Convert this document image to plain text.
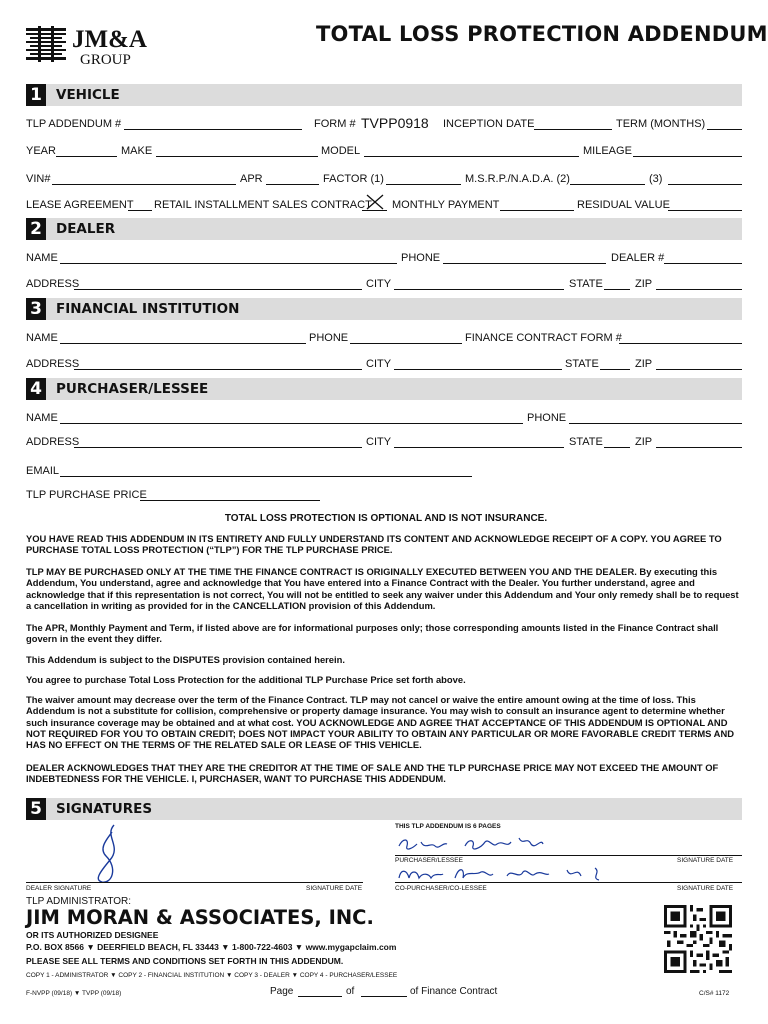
JM&A
GROUP
TOTAL LOSS PROTECTION ADDENDUM
1	VEHICLE
TLP ADDENDUM #	FORM # TVPP0918 INCEPTION DATE	TERM (MONTHS)
YEAR	MAKE	MODEL	MILEAGE
VIN#	APR	FACTOR (1)	M.S.R.P./N.A.D.A. (2)	(3)
LEASE AGREEMENT RETAIL INSTALLMENT SALES CONTRACT MONTHLY PAYMENT	RESIDUAL VALUE
2	DEALER
NAME	PHONE	DEALER #
ADDRESS	CITY	STATE	ZIP
3	FINANCIAL INSTITUTION
NAME	PHONE	FINANCE CONTRACT FORM #
ADDRESS	CITY	STATE	ZIP
4	PURCHASER/LESSEE
NAME	PHONE
ADDRESS	CITY	STATE	ZIP
EMAIL
TLP PURCHASE PRICE
TOTAL LOSS PROTECTION IS OPTIONAL AND IS NOT INSURANCE.
YOU HAVE READ THIS ADDENDUM IN ITS ENTIRETY AND FULLY UNDERSTAND ITS CONTENT AND ACKNOWLEDGE RECEIPT OF A COPY. YOU AGREE TO PURCHASE TOTAL LOSS PROTECTION (“TLP”) FOR THE TLP PURCHASE PRICE.
TLP MAY BE PURCHASED ONLY AT THE TIME THE FINANCE CONTRACT IS ORIGINALLY EXECUTED BETWEEN YOU AND THE DEALER. By executing this Addendum, You understand, agree and acknowledge that You have entered into a Finance Contract with the Dealer. You further understand, agree and acknowledge that if this representation is not correct, You will not be entitled to seek any waiver under this Addendum and Your only remedy shall be to request a cancellation in writing as provided for in the CANCELLATION provision of this Addendum.
The APR, Monthly Payment and Term, if listed above are for informational purposes only; those corresponding amounts listed in the Finance Contract shall govern in the event they differ.
This Addendum is subject to the DISPUTES provision contained herein.
You agree to purchase Total Loss Protection for the additional TLP Purchase Price set forth above.
The waiver amount may decrease over the term of the Finance Contract. TLP may not cancel or waive the entire amount owing at the time of loss. This Addendum is not a substitute for collision, comprehensive or property damage insurance. You may wish to consult an insurance agent to determine whether such insurance coverage may be obtained and at what cost. YOU ACKNOWLEDGE AND AGREE THAT ACCEPTANCE OF THIS ADDENDUM IS OPTIONAL AND NOT REQUIRED FOR YOU TO OBTAIN CREDIT; DOES NOT IMPACT YOUR ABILITY TO OBTAIN ANY PARTICULAR OR MORE FAVORABLE CREDIT TERMS AND HAS NO EFFECT ON THE TERMS OF THE RELATED SALE OR LEASE OF THIS VEHICLE.
DEALER ACKNOWLEDGES THAT THEY ARE THE CREDITOR AT THE TIME OF SALE AND THE TLP PURCHASE PRICE MAY NOT EXCEED THE AMOUNT OF INDEBTEDNESS FOR THE VEHICLE. I, PURCHASER, WANT TO PURCHASE THIS ADDENDUM.
5	SIGNATURES
THIS TLP ADDENDUM IS 6 PAGES
DEALER SIGNATURE	SIGNATURE DATE
PURCHASER/LESSEE	SIGNATURE DATE
CO-PURCHASER/CO-LESSEE	SIGNATURE DATE
TLP ADMINISTRATOR:
JIM MORAN & ASSOCIATES, INC.
OR ITS AUTHORIZED DESIGNEE
P.O. BOX 8566 ▼ DEERFIELD BEACH, FL 33443 ▼ 1-800-722-4603 ▼ www.mygapclaim.com
PLEASE SEE ALL TERMS AND CONDITIONS SET FORTH IN THIS ADDENDUM.
COPY 1 - ADMINISTRATOR ▼ COPY 2 - FINANCIAL INSTITUTION ▼ COPY 3 - DEALER ▼ COPY 4 - PURCHASER/LESSEE
F-NVPP (09/18) ▼ TVPP (09/18)	Page	of	of Finance Contract	C/S# 1172
